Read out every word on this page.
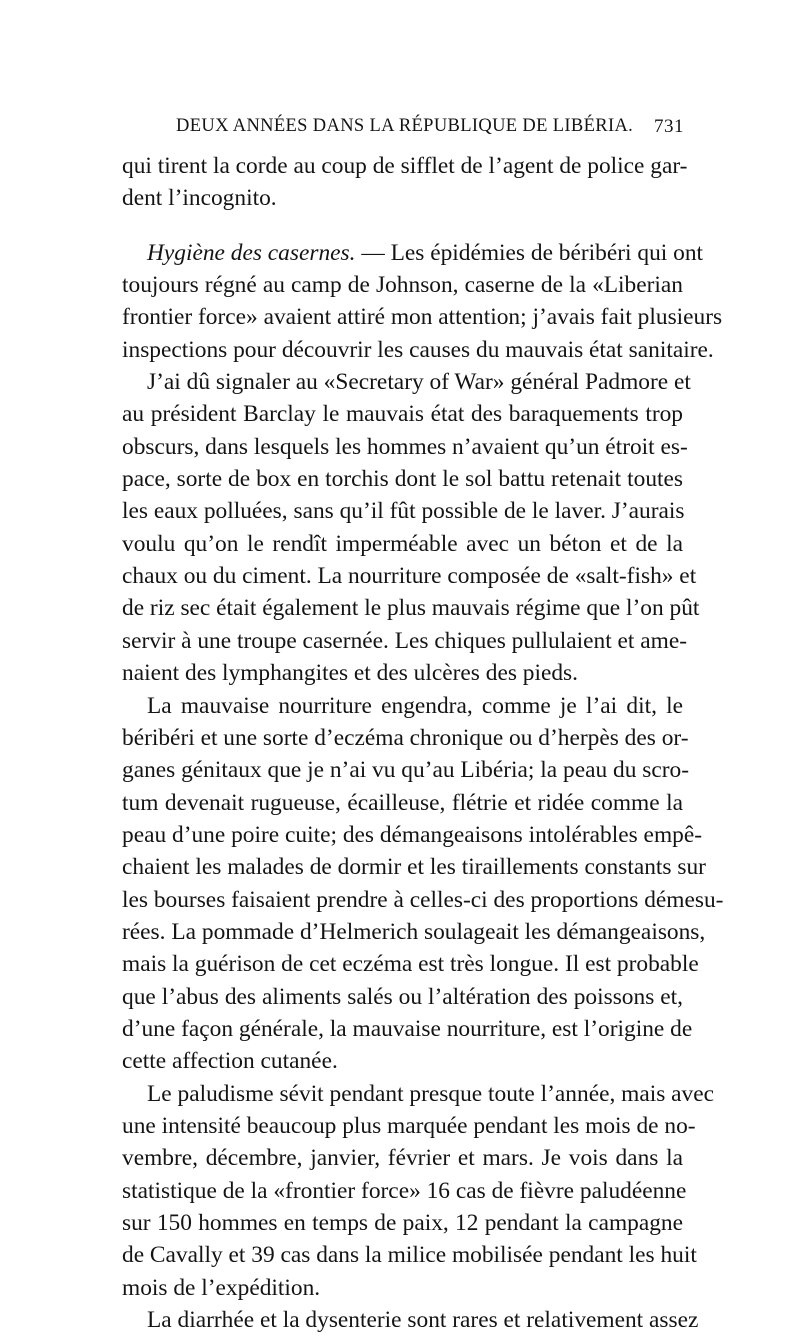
DEUX ANNÉES DANS LA RÉPUBLIQUE DE LIBÉRIA. 731
qui tirent la corde au coup de sifflet de l’agent de police gar-
dent l’incognito.
Hygiène des casernes. — Les épidémies de béribéri qui ont
toujours régné au camp de Johnson, caserne de la «Liberian
frontier force» avaient attiré mon attention; j’avais fait plusieurs
inspections pour découvrir les causes du mauvais état sanitaire.
J’ai dû signaler au «Secretary of War» général Padmore et
au président Barclay le mauvais état des baraquements trop
obscurs, dans lesquels les hommes n’avaient qu’un étroit es-
pace, sorte de box en torchis dont le sol battu retenait toutes
les eaux polluées, sans qu’il fût possible de le laver. J’aurais
voulu qu’on le rendît imperméable avec un béton et de la
chaux ou du ciment. La nourriture composée de «salt-fish» et
de riz sec était également le plus mauvais régime que l’on pût
servir à une troupe casernée. Les chiques pullulaient et ame-
naient des lymphangites et des ulcères des pieds.
La mauvaise nourriture engendra, comme je l’ai dit, le
béribéri et une sorte d’eczéma chronique ou d’herpès des or-
ganes génitaux que je n’ai vu qu’au Libéria; la peau du scro-
tum devenait rugueuse, écailleuse, flétrie et ridée comme la
peau d’une poire cuite; des démangeaisons intolérables empê-
chaient les malades de dormir et les tiraillements constants sur
les bourses faisaient prendre à celles-ci des proportions démesu-
rées. La pommade d’Helmerich soulageait les démangeaisons,
mais la guérison de cet eczéma est très longue. Il est probable
que l’abus des aliments salés ou l’altération des poissons et,
d’une façon générale, la mauvaise nourriture, est l’origine de
cette affection cutanée.
Le paludisme sévit pendant presque toute l’année, mais avec
une intensité beaucoup plus marquée pendant les mois de no-
vembre, décembre, janvier, février et mars. Je vois dans la
statistique de la «frontier force» 16 cas de fièvre paludéenne
sur 150 hommes en temps de paix, 12 pendant la campagne
de Cavally et 39 cas dans la milice mobilisée pendant les huit
mois de l’expédition.
La diarrhée et la dysenterie sont rares et relativement assez
